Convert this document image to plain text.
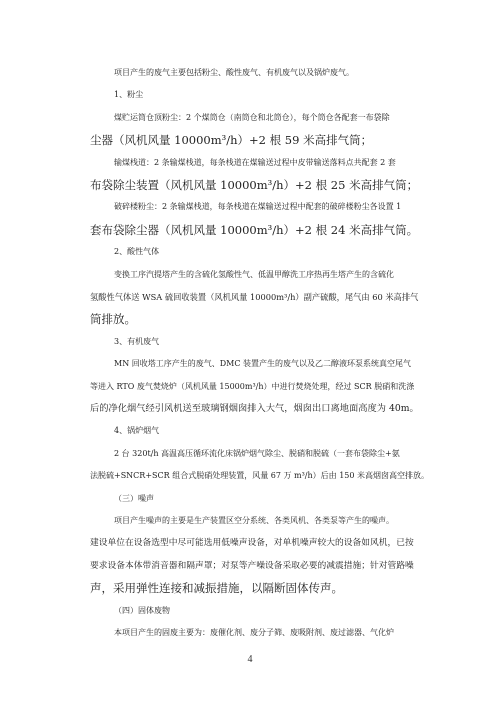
项目产生的废气主要包括粉尘、酸性废气、有机废气以及锅炉废气。
1、粉尘
煤贮运筒仓顶粉尘：2 个煤筒仓（南筒仓和北筒仓），每个筒仓各配套一布袋除
尘器（风机风量 10000m³/h）+2 根 59 米高排气筒；
输煤栈道：2 条输煤栈道，每条栈道在煤输送过程中皮带输送落料点共配套 2 套
布袋除尘装置（风机风量 10000m³/h）+2 根 25 米高排气筒；
破碎楼粉尘：2 条输煤栈道，每条栈道在煤输送过程中配套的破碎楼粉尘各设置 1
套布袋除尘器（风机风量 10000m³/h）+2 根 24 米高排气筒。
2、酸性气体
变换工序汽提塔产生的含硫化氢酸性气、低温甲醇洗工序热再生塔产生的含硫化
氢酸性气体送 WSA 硫回收装置（风机风量 10000m³/h）副产硫酸，尾气由 60 米高排气
筒排放。
3、有机废气
MN 回收塔工序产生的废气、DMC 装置产生的废气以及乙二醇液环泵系统真空尾气
等进入 RTO 废气焚烧炉（风机风量 15000m³/h）中进行焚烧处理，经过 SCR 脱硝和洗涤
后的净化烟气经引风机送至玻璃钢烟囱排入大气，烟囱出口离地面高度为 40m。
4、锅炉烟气
2 台 320t/h 高温高压循环流化床锅炉烟气除尘、脱硝和脱硫（一套布袋除尘+氨
法脱硫+SNCR+SCR 组合式脱硝处理装置，风量 67 万 m³/h）后由 150 米高烟囱高空排放。
（三）噪声
项目产生噪声的主要是生产装置区空分系统、各类风机、各类泵等产生的噪声。
建设单位在设备选型中尽可能选用低噪声设备，对单机噪声较大的设备如风机，已按
要求设备本体带消音器和隔声罩；对泵等产噪设备采取必要的减震措施；针对管路噪
声，采用弹性连接和减振措施，以隔断固体传声。
（四）固体废物
本项目产生的固废主要为：废催化剂、废分子筛、废吸附剂、废过滤器、气化炉
4
